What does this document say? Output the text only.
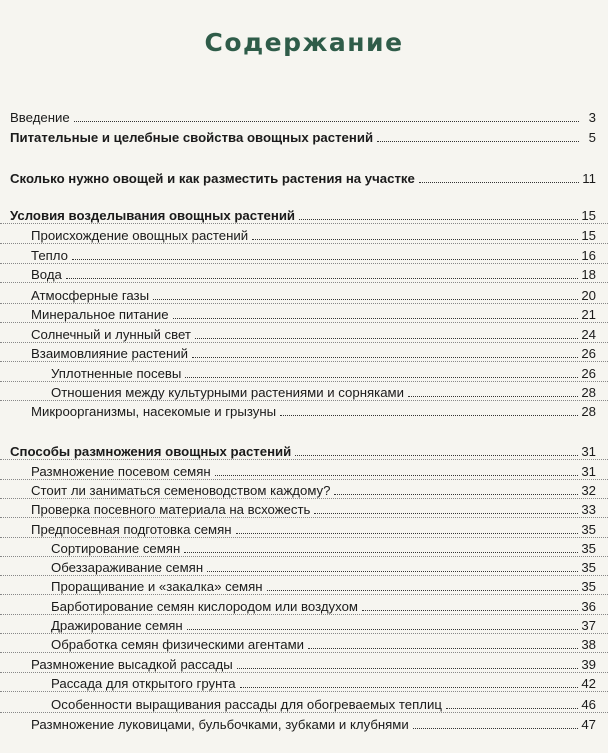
Содержание
Введение	3
Питательные и целебные свойства овощных растений	5
Сколько нужно овощей и как разместить растения на участке	11
Условия возделывания овощных растений	15
Происхождение овощных растений	15
Тепло	16
Вода	18
Атмосферные газы	20
Минеральное питание	21
Солнечный и лунный свет	24
Взаимовлияние растений	26
Уплотненные посевы	26
Отношения между культурными растениями и сорняками	28
Микроорганизмы, насекомые и грызуны	28
Способы размножения овощных растений	31
Размножение посевом семян	31
Стоит ли заниматься семеноводством каждому?	32
Проверка посевного материала на всхожесть	33
Предпосевная подготовка семян	35
Сортирование семян	35
Обеззараживание семян	35
Проращивание и «закалка» семян	35
Барботирование семян кислородом или воздухом	36
Дражирование семян	37
Обработка семян физическими агентами	38
Размножение высадкой рассады	39
Рассада для открытого грунта	42
Особенности выращивания рассады для обогреваемых теплиц	46
Размножение луковицами, бульбочками, зубками и клубнями	47
